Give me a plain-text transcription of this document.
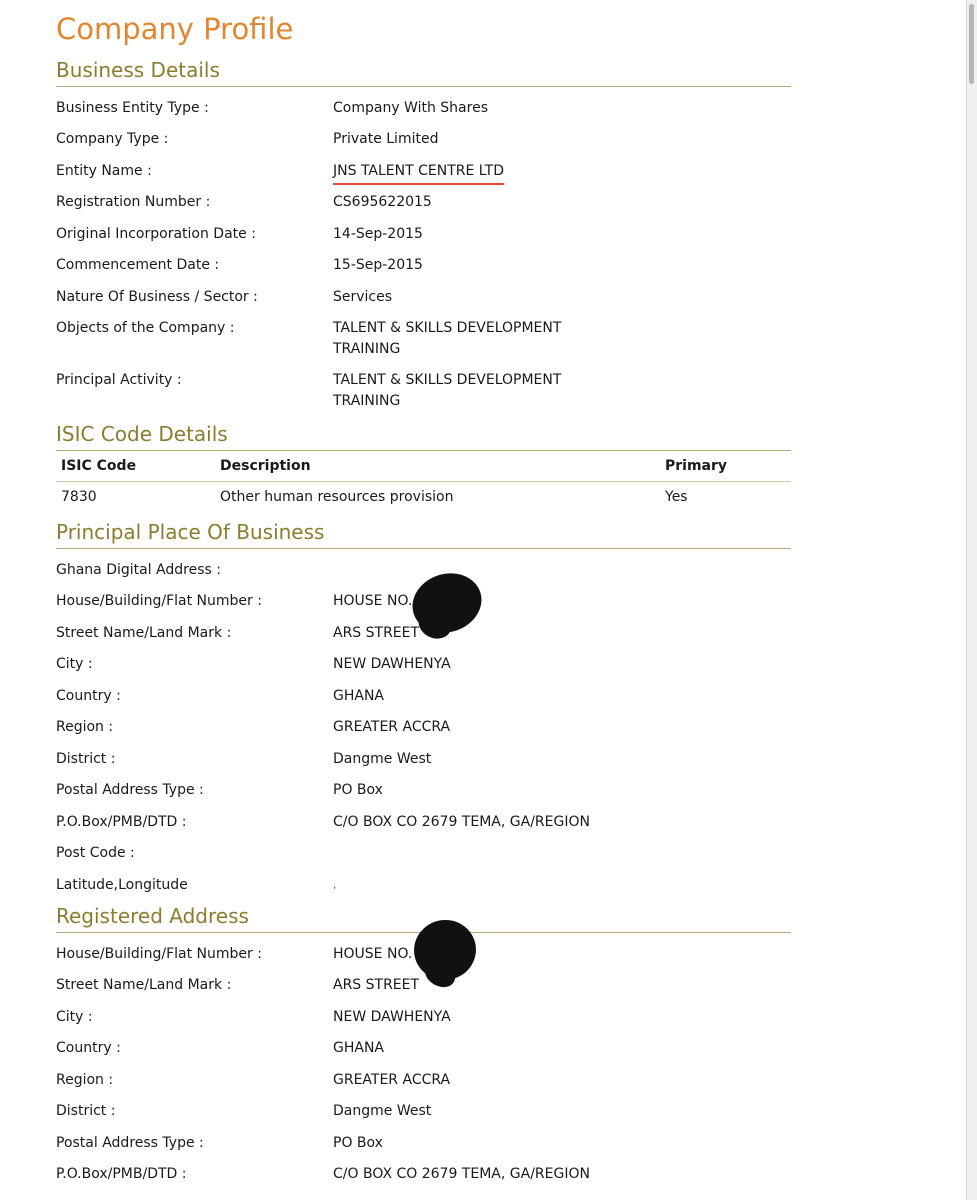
Company Profile
Business Details
Business Entity Type :	Company With Shares
Company Type :	Private Limited
Entity Name :	JNS TALENT CENTRE LTD
Registration Number :	CS695622015
Original Incorporation Date :	14-Sep-2015
Commencement Date :	15-Sep-2015
Nature Of Business / Sector :	Services
Objects of the Company :	TALENT & SKILLS DEVELOPMENT TRAINING
Principal Activity :	TALENT & SKILLS DEVELOPMENT TRAINING
ISIC Code Details
ISIC Code	Description	Primary
7830	Other human resources provision	Yes
Principal Place Of Business
Ghana Digital Address :
House/Building/Flat Number :	HOUSE NO.
Street Name/Land Mark :	ARS STREET
City :	NEW DAWHENYA
Country :	GHANA
Region :	GREATER ACCRA
District :	Dangme West
Postal Address Type :	PO Box
P.O.Box/PMB/DTD :	C/O BOX CO 2679 TEMA, GA/REGION
Post Code :
Latitude,Longitude	,
Registered Address
House/Building/Flat Number :	HOUSE NO.
Street Name/Land Mark :	ARS STREET
City :	NEW DAWHENYA
Country :	GHANA
Region :	GREATER ACCRA
District :	Dangme West
Postal Address Type :	PO Box
P.O.Box/PMB/DTD :	C/O BOX CO 2679 TEMA, GA/REGION
